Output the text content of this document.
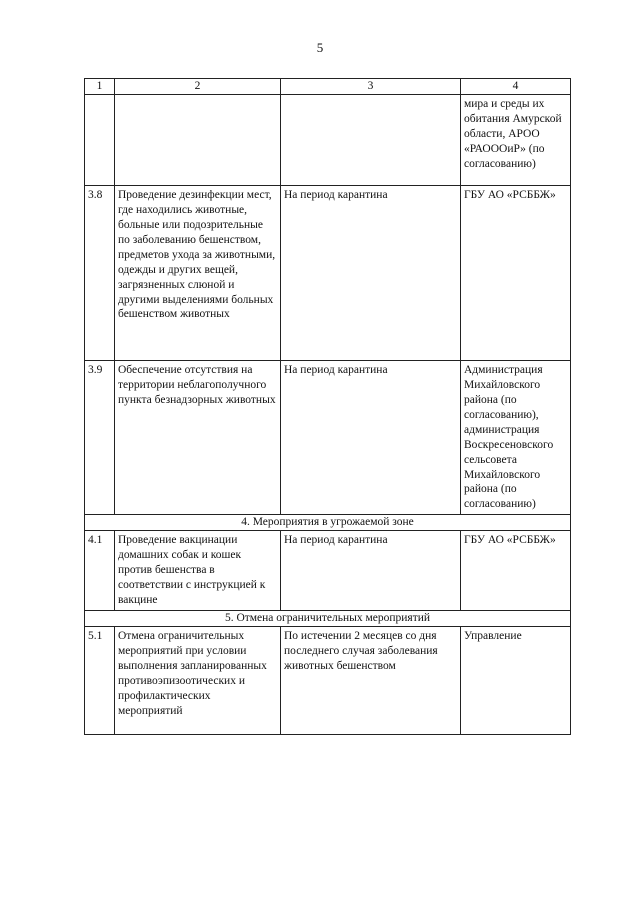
5
1	2	3	4
			мира и среды их обитания Амурской области, АРОО «РАОООиР» (по согласованию)
3.8	Проведение дезинфекции мест, где находились животные, больные или подозрительные по заболеванию бешенством, предметов ухода за животными, одежды и других вещей, загрязненных слюной и другими выделениями больных бешенством животных	На период карантина	ГБУ АО «РСББЖ»
3.9	Обеспечение отсутствия на территории неблагополучного пункта безнадзорных животных	На период карантина	Администрация Михайловского района (по согласованию), администрация Воскресеновского сельсовета Михайловского района (по согласованию)
4. Мероприятия в угрожаемой зоне			
4.1	Проведение вакцинации домашних собак и кошек против бешенства в соответствии с инструкцией к вакцине	На период карантина	ГБУ АО «РСББЖ»
5. Отмена ограничительных мероприятий			
5.1	Отмена ограничительных мероприятий при условии выполнения запланированных противоэпизоотических и профилактических мероприятий	По истечении 2 месяцев со дня последнего случая заболевания животных бешенством	Управление
